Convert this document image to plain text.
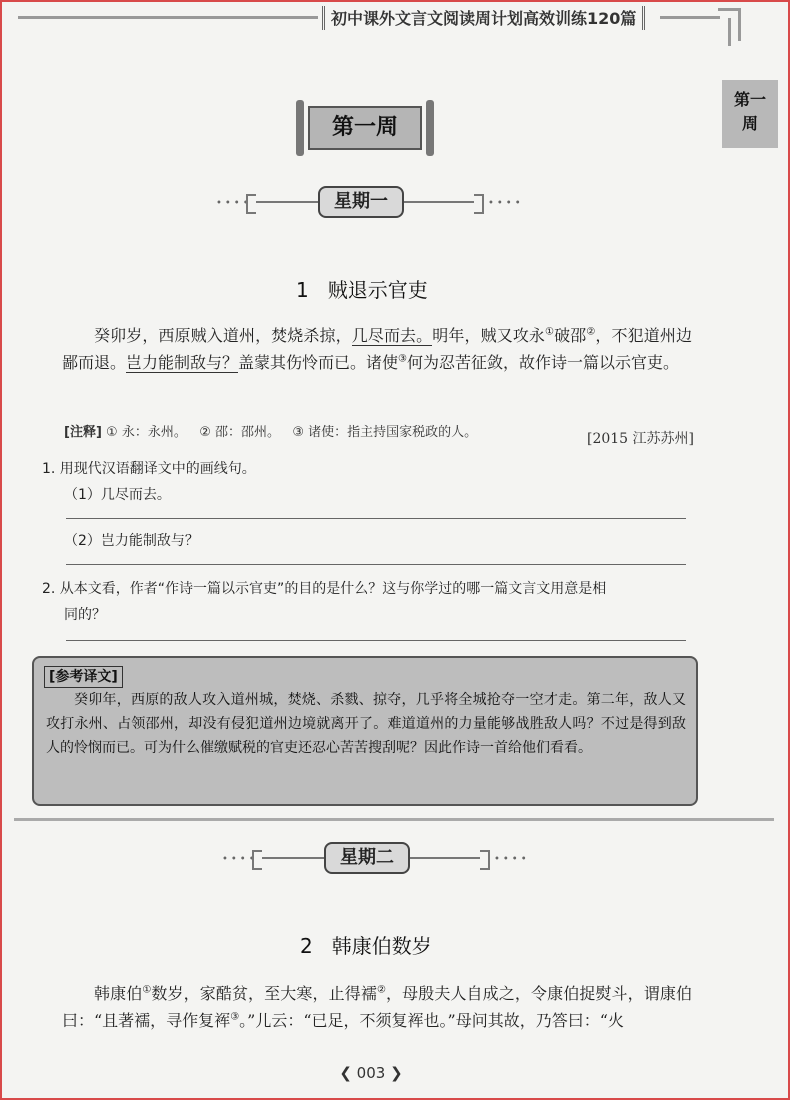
初中课外文言文阅读周计划高效训练120篇
第一
周
第一周
••••	星期一	••••
1   贼退示官吏
癸卯岁，西原贼入道州，焚烧杀掠，几尽而去。明年，贼又攻永①破邵②，不犯道州边鄙而退。岂力能制敌与？盖蒙其伤怜而已。诸使③何为忍苦征敛，故作诗一篇以示官吏。

[注释] ① 永：永州。   ② 邵：邵州。   ③ 诸使：指主持国家税政的人。	[2015 江苏苏州]
1. 用现代汉语翻译文中的画线句。
（1）几尽而去。
（2）岂力能制敌与？
2. 从本文看，作者“作诗一篇以示官吏”的目的是什么？这与你学过的哪一篇文言文用意是相
同的？
[参考译文]
癸卯年，西原的敌人攻入道州城，焚烧、杀戮、掠夺，几乎将全城抢夺一空才走。第二年，敌人又攻打永州、占领邵州，却没有侵犯道州边境就离开了。难道道州的力量能够战胜敌人吗？不过是得到敌人的怜悯而已。可为什么催缴赋税的官吏还忍心苦苦搜刮呢？因此作诗一首给他们看看。
••••	星期二	••••
2   韩康伯数岁
韩康伯①数岁，家酷贫，至大寒，止得襦②，母殷夫人自成之，令康伯捉熨斗，谓康伯曰：“且著襦，寻作复裈③。”儿云：“已足，不须复裈也。”母问其故，乃答曰：“火
❮ 003 ❯
